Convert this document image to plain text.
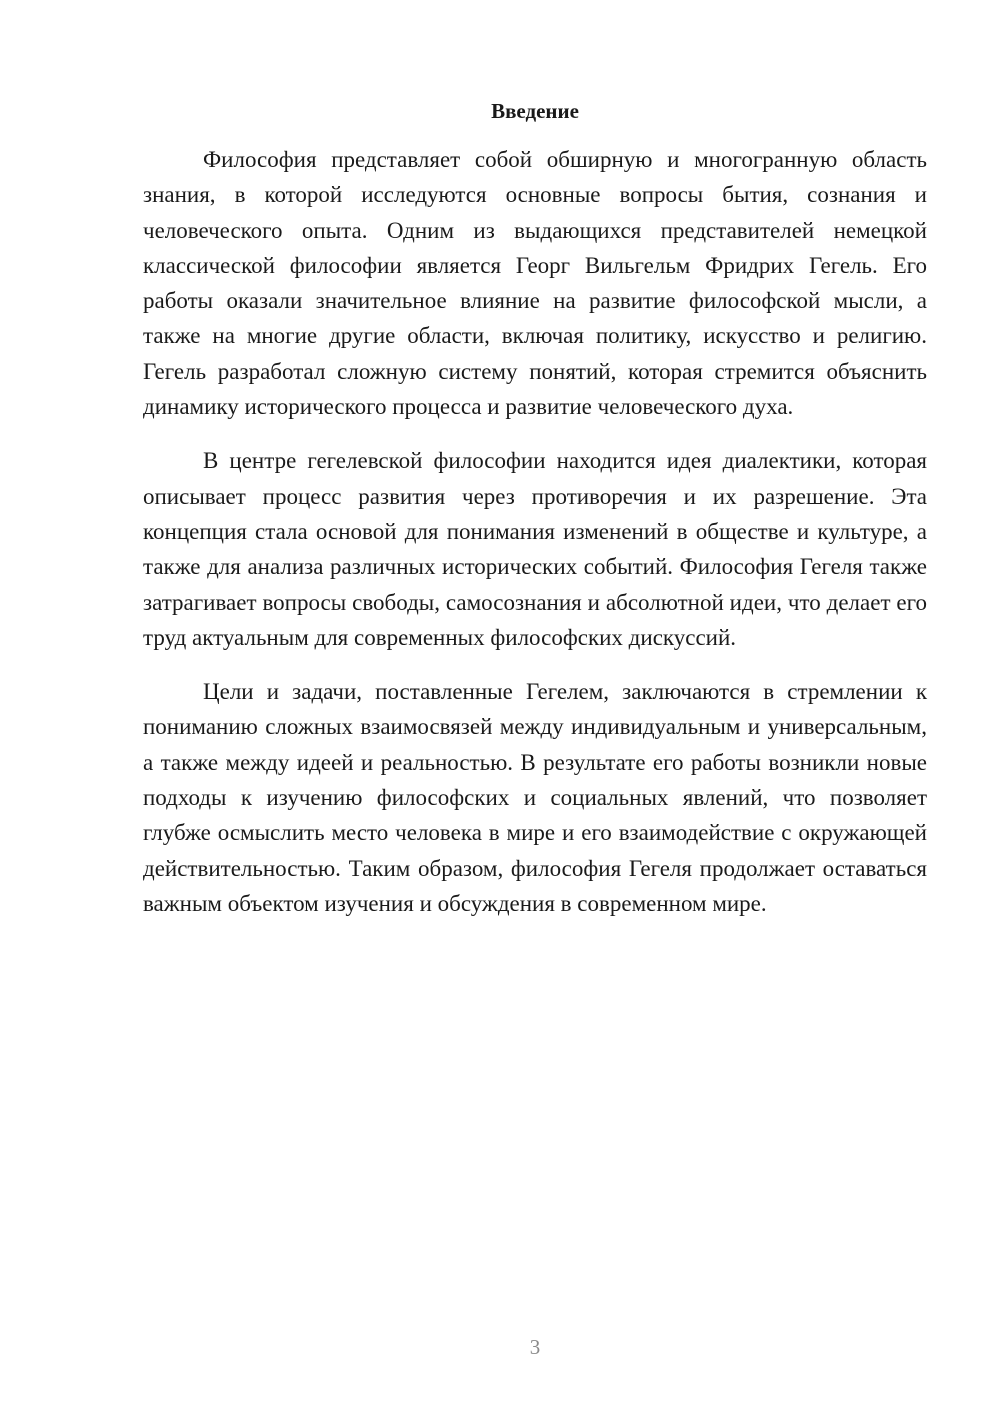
Введение

Философия представляет собой обширную и многогранную область знания, в которой исследуются основные вопросы бытия, сознания и человеческого опыта. Одним из выдающихся представителей немецкой классической философии является Георг Вильгельм Фридрих Гегель. Его работы оказали значительное влияние на развитие философской мысли, а также на многие другие области, включая политику, искусство и религию. Гегель разработал сложную систему понятий, которая стремится объяснить динамику исторического процесса и развитие человеческого духа.

В центре гегелевской философии находится идея диалектики, которая описывает процесс развития через противоречия и их разрешение. Эта концепция стала основой для понимания изменений в обществе и культуре, а также для анализа различных исторических событий. Философия Гегеля также затрагивает вопросы свободы, самосознания и абсолютной идеи, что делает его труд актуальным для современных философских дискуссий.

Цели и задачи, поставленные Гегелем, заключаются в стремлении к пониманию сложных взаимосвязей между индивидуальным и универсальным, а также между идеей и реальностью. В результате его работы возникли новые подходы к изучению философских и социальных явлений, что позволяет глубже осмыслить место человека в мире и его взаимодействие с окружающей действительностью. Таким образом, философия Гегеля продолжает оставаться важным объектом изучения и обсуждения в современном мире.

3
